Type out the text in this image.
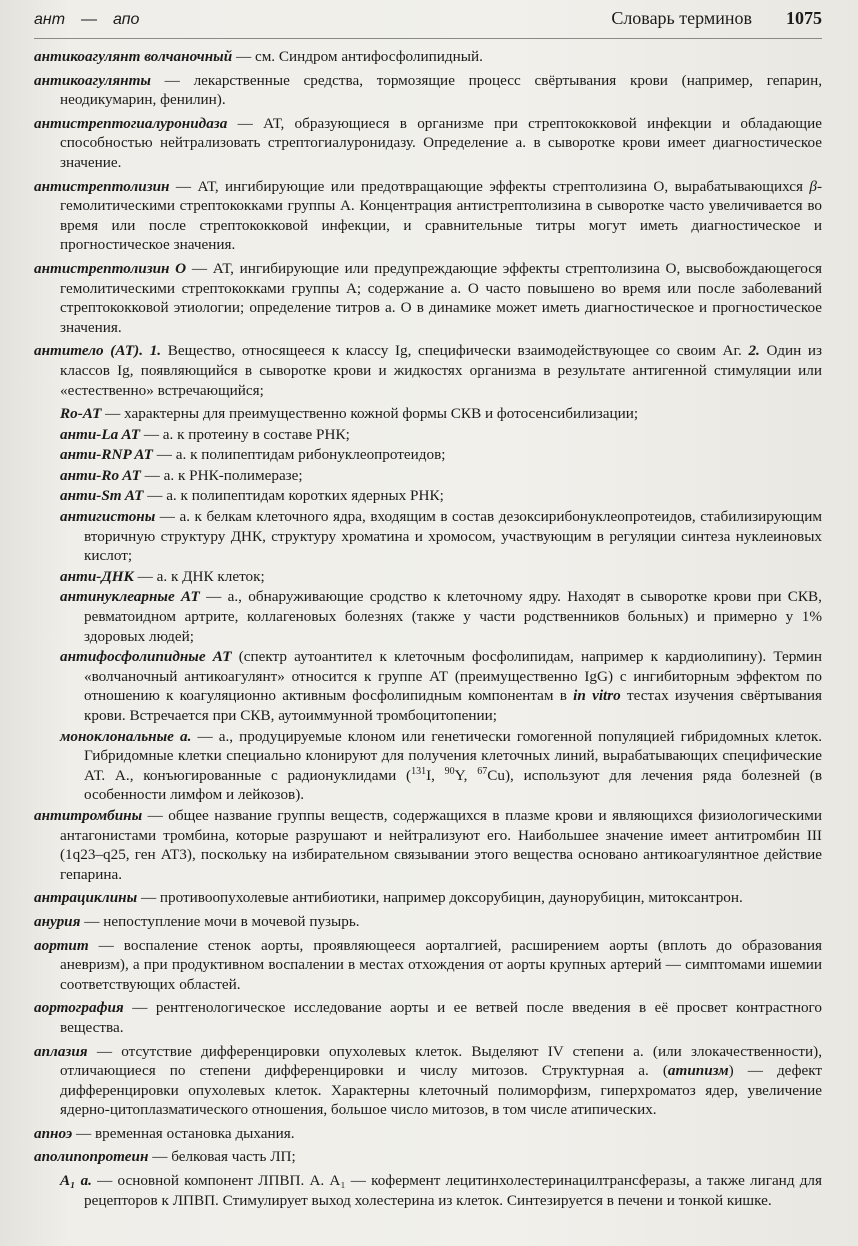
ант — апо	Словарь терминов 1075

антикоагулянт волчаночный — см. Синдром антифосфолипидный.

антикоагулянты — лекарственные средства, тормозящие процесс свёртывания крови (например, гепарин, неодикумарин, фенилин).

антистрептогиалуронидаза — АТ, образующиеся в организме при стрептококковой инфекции и обладающие способностью нейтрализовать стрептогиалуронидазу. Определение а. в сыворотке крови имеет диагностическое значение.

антистрептолизин — АТ, ингибирующие или предотвращающие эффекты стрептолизина О, вырабатывающихся β-гемолитическими стрептококками группы А. Концентрация антистрептолизина в сыворотке часто увеличивается во время или после стрептококковой инфекции, и сравнительные титры могут иметь диагностическое и прогностическое значения.

антистрептолизин О — АТ, ингибирующие или предупреждающие эффекты стрептолизина О, высвобождающегося гемолитическими стрептококками группы А; содержание а. О часто повышено во время или после заболеваний стрептококковой этиологии; определение титров а. О в динамике может иметь диагностическое и прогностическое значения.

антитело (АТ). 1. Вещество, относящееся к классу Ig, специфически взаимодействующее со своим Аг. 2. Один из классов Ig, появляющийся в сыворотке крови и жидкостях организма в результате антигенной стимуляции или «естественно» встречающийся;

Ro-AT — характерны для преимущественно кожной формы СКВ и фотосенсибилизации;

анти-La AT — а. к протеину в составе РНК;

анти-RNP AT — а. к полипептидам рибонуклеопротеидов;

анти-Ro AT — а. к РНК-полимеразе;

анти-Sm AT — а. к полипептидам коротких ядерных РНК;

антигистоны — а. к белкам клеточного ядра, входящим в состав дезоксирибонуклеопротеидов, стабилизирующим вторичную структуру ДНК, структуру хроматина и хромосом, участвующим в регуляции синтеза нуклеиновых кислот;

анти-ДНК — а. к ДНК клеток;

антинуклеарные АТ — а., обнаруживающие сродство к клеточному ядру. Находят в сыворотке крови при СКВ, ревматоидном артрите, коллагеновых болезнях (также у части родственников больных) и примерно у 1% здоровых людей;

антифосфолипидные АТ (спектр аутоантител к клеточным фосфолипидам, например к кардиолипину). Термин «волчаночный антикоагулянт» относится к группе АТ (преимущественно IgG) с ингибиторным эффектом по отношению к коагуляционно активным фосфолипидным компонентам в in vitro тестах изучения свёртывания крови. Встречается при СКВ, аутоиммунной тромбоцитопении;

моноклональные а. — а., продуцируемые клоном или генетически гомогенной популяцией гибридомных клеток. Гибридомные клетки специально клонируют для получения клеточных линий, вырабатывающих специфические АТ. А., конъюгированные с радионуклидами ($^{131}$I, $^{90}$Y, $^{67}$Cu), используют для лечения ряда болезней (в особенности лимфом и лейкозов).

антитромбины — общее название группы веществ, содержащихся в плазме крови и являющихся физиологическими антагонистами тромбина, которые разрушают и нейтрализуют его. Наибольшее значение имеет антитромбин III (1q23–q25, ген AT3), поскольку на избирательном связывании этого вещества основано антикоагулянтное действие гепарина.

антрациклины — противоопухолевые антибиотики, например доксорубицин, даунорубицин, митоксантрон.

анурия — непоступление мочи в мочевой пузырь.

аортит — воспаление стенок аорты, проявляющееся аорталгией, расширением аорты (вплоть до образования аневризм), а при продуктивном воспалении в местах отхождения от аорты крупных артерий — симптомами ишемии соответствующих областей.

аортография — рентгенологическое исследование аорты и ее ветвей после введения в её просвет контрастного вещества.

аплазия — отсутствие дифференцировки опухолевых клеток. Выделяют IV степени а. (или злокачественности), отличающиеся по степени дифференцировки и числу митозов. Структурная а. (атипизм) — дефект дифференцировки опухолевых клеток. Характерны клеточный полиморфизм, гиперхроматоз ядер, увеличение ядерно-цитоплазматического отношения, большое число митозов, в том числе атипических.

апноэ — временная остановка дыхания.

аполипопротеин — белковая часть ЛП;

A₁ a. — основной компонент ЛПВП. А. A₁ — кофермент лецитинхолестеринацилтрансферазы, а также лиганд для рецепторов к ЛПВП. Стимулирует выход холестерина из клеток. Синтезируется в печени и тонкой кишке.
